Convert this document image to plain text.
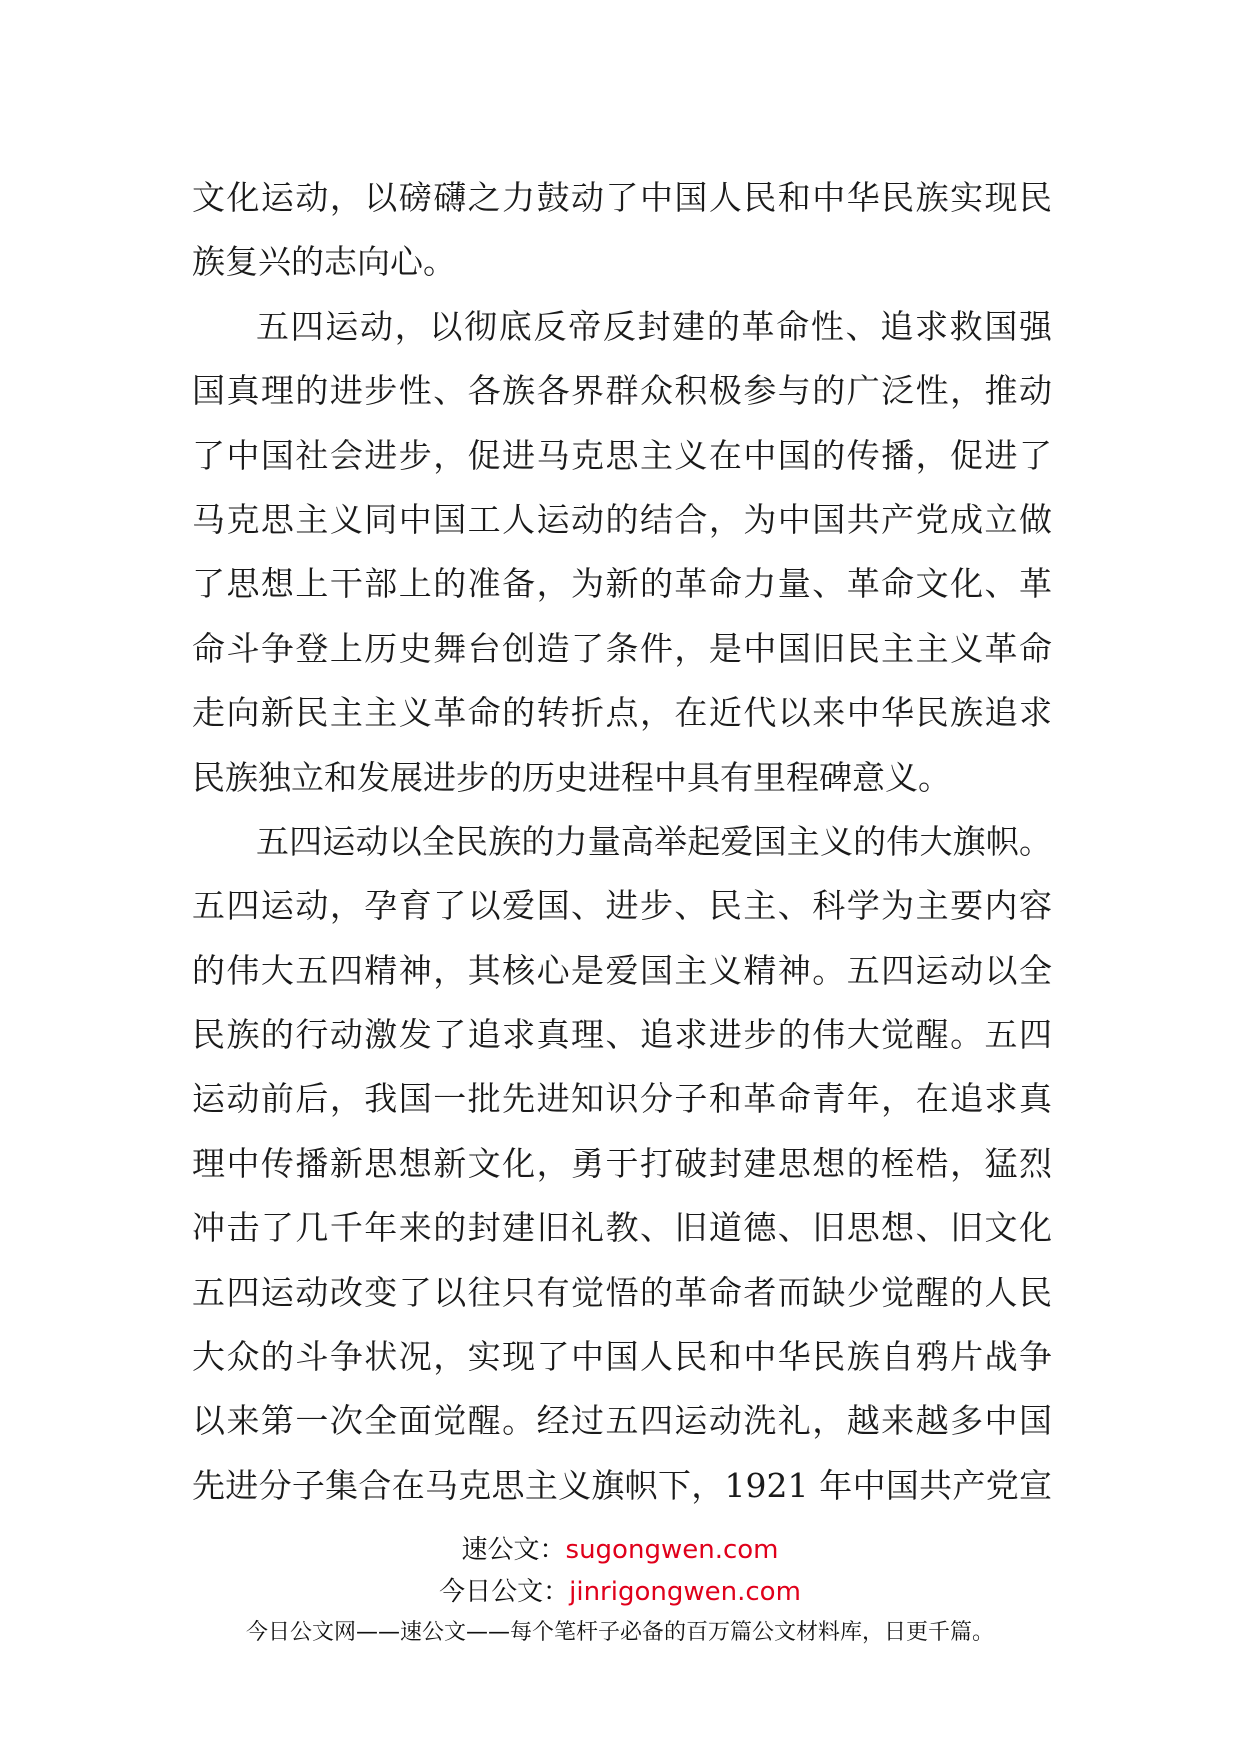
文化运动，以磅礴之力鼓动了中国人民和中华民族实现民
族复兴的志向心。
五四运动，以彻底反帝反封建的革命性、追求救国强
国真理的进步性、各族各界群众积极参与的广泛性，推动
了中国社会进步，促进马克思主义在中国的传播，促进了
马克思主义同中国工人运动的结合，为中国共产党成立做
了思想上干部上的准备，为新的革命力量、革命文化、革
命斗争登上历史舞台创造了条件，是中国旧民主主义革命
走向新民主主义革命的转折点，在近代以来中华民族追求
民族独立和发展进步的历史进程中具有里程碑意义。
五四运动以全民族的力量高举起爱国主义的伟大旗帜。
五四运动，孕育了以爱国、进步、民主、科学为主要内容
的伟大五四精神，其核心是爱国主义精神。五四运动以全
民族的行动激发了追求真理、追求进步的伟大觉醒。五四
运动前后，我国一批先进知识分子和革命青年，在追求真
理中传播新思想新文化，勇于打破封建思想的桎梏，猛烈
冲击了几千年来的封建旧礼教、旧道德、旧思想、旧文化
五四运动改变了以往只有觉悟的革命者而缺少觉醒的人民
大众的斗争状况，实现了中国人民和中华民族自鸦片战争
以来第一次全面觉醒。经过五四运动洗礼，越来越多中国
先进分子集合在马克思主义旗帜下，1921 年中国共产党宣
速公文：sugongwen.com
今日公文：jinrigongwen.com
今日公文网——速公文——每个笔杆子必备的百万篇公文材料库，日更千篇。
